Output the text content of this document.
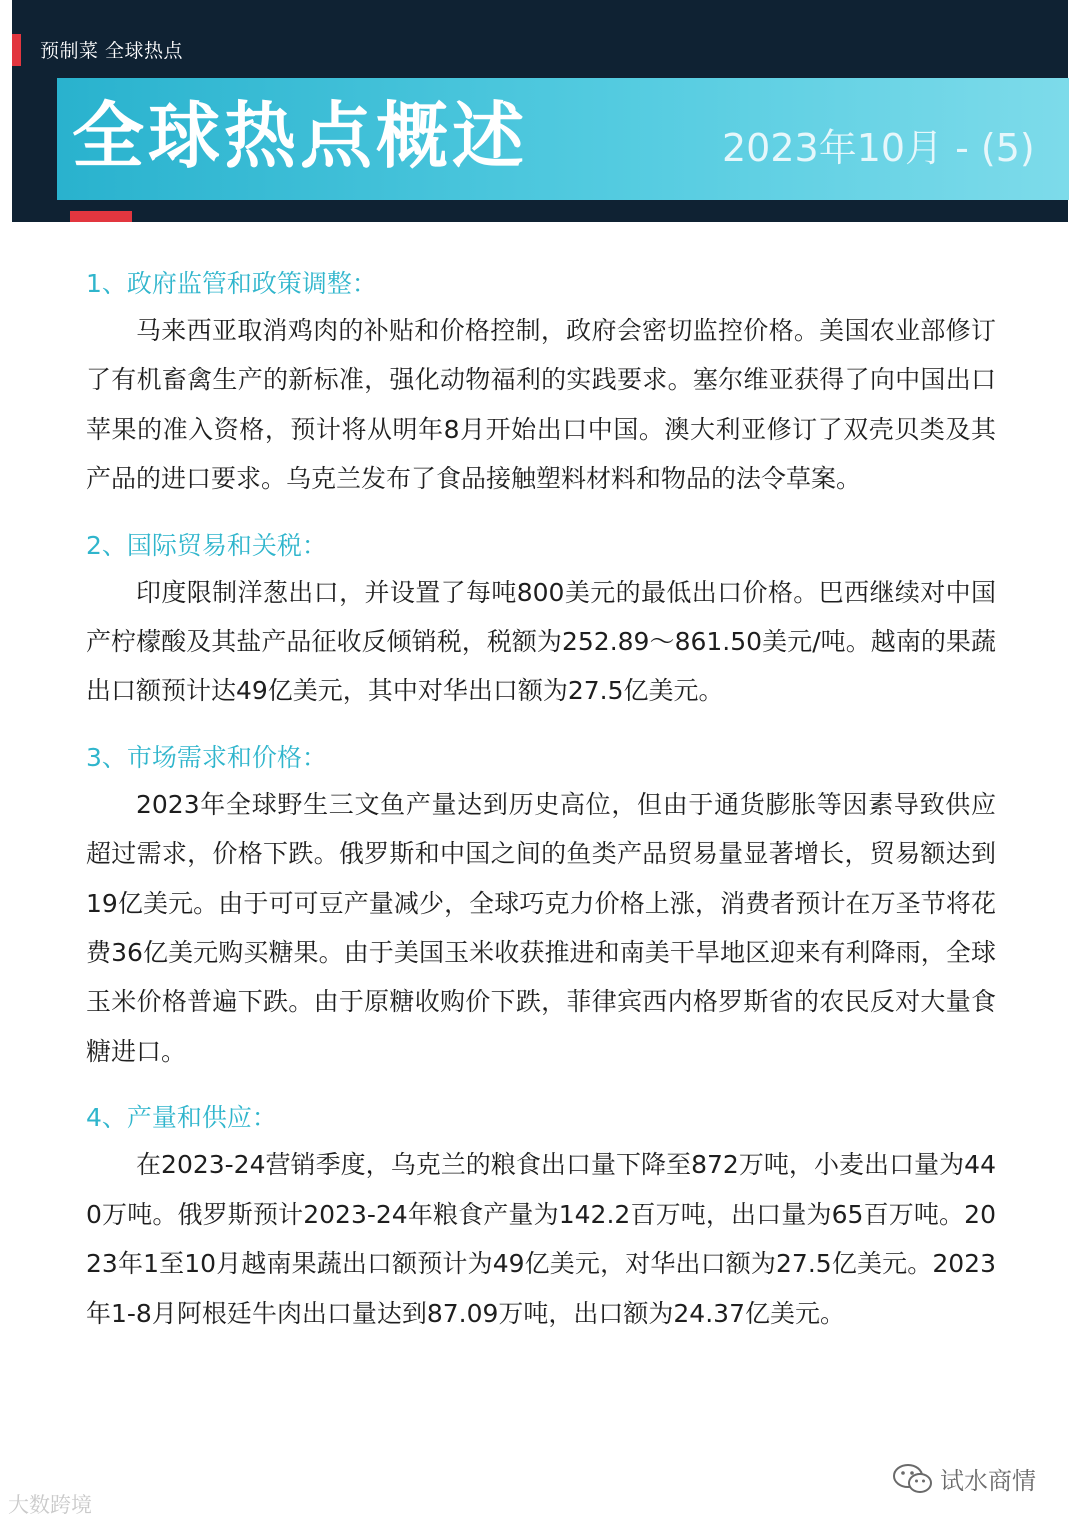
预制菜 全球热点
全球热点概述	2023年10月 - (5)
1、政府监管和政策调整：

马来西亚取消鸡肉的补贴和价格控制，政府会密切监控价格。美国农业部修订了有机畜禽生产的新标准，强化动物福利的实践要求。塞尔维亚获得了向中国出口苹果的准入资格，预计将从明年8月开始出口中国。澳大利亚修订了双壳贝类及其产品的进口要求。乌克兰发布了食品接触塑料材料和物品的法令草案。

2、国际贸易和关税：

印度限制洋葱出口，并设置了每吨800美元的最低出口价格。巴西继续对中国产柠檬酸及其盐产品征收反倾销税，税额为252.89～861.50美元/吨。越南的果蔬出口额预计达49亿美元，其中对华出口额为27.5亿美元。

3、市场需求和价格：

2023年全球野生三文鱼产量达到历史高位，但由于通货膨胀等因素导致供应超过需求，价格下跌。俄罗斯和中国之间的鱼类产品贸易量显著增长，贸易额达到19亿美元。由于可可豆产量减少，全球巧克力价格上涨，消费者预计在万圣节将花费36亿美元购买糖果。由于美国玉米收获推进和南美干旱地区迎来有利降雨，全球玉米价格普遍下跌。由于原糖收购价下跌，菲律宾西内格罗斯省的农民反对大量食糖进口。

4、产量和供应：

在2023-24营销季度，乌克兰的粮食出口量下降至872万吨，小麦出口量为440万吨。俄罗斯预计2023-24年粮食产量为142.2百万吨，出口量为65百万吨。2023年1至10月越南果蔬出口额预计为49亿美元，对华出口额为27.5亿美元。2023年1-8月阿根廷牛肉出口量达到87.09万吨，出口额为24.37亿美元。

大数跨境
试水商情
